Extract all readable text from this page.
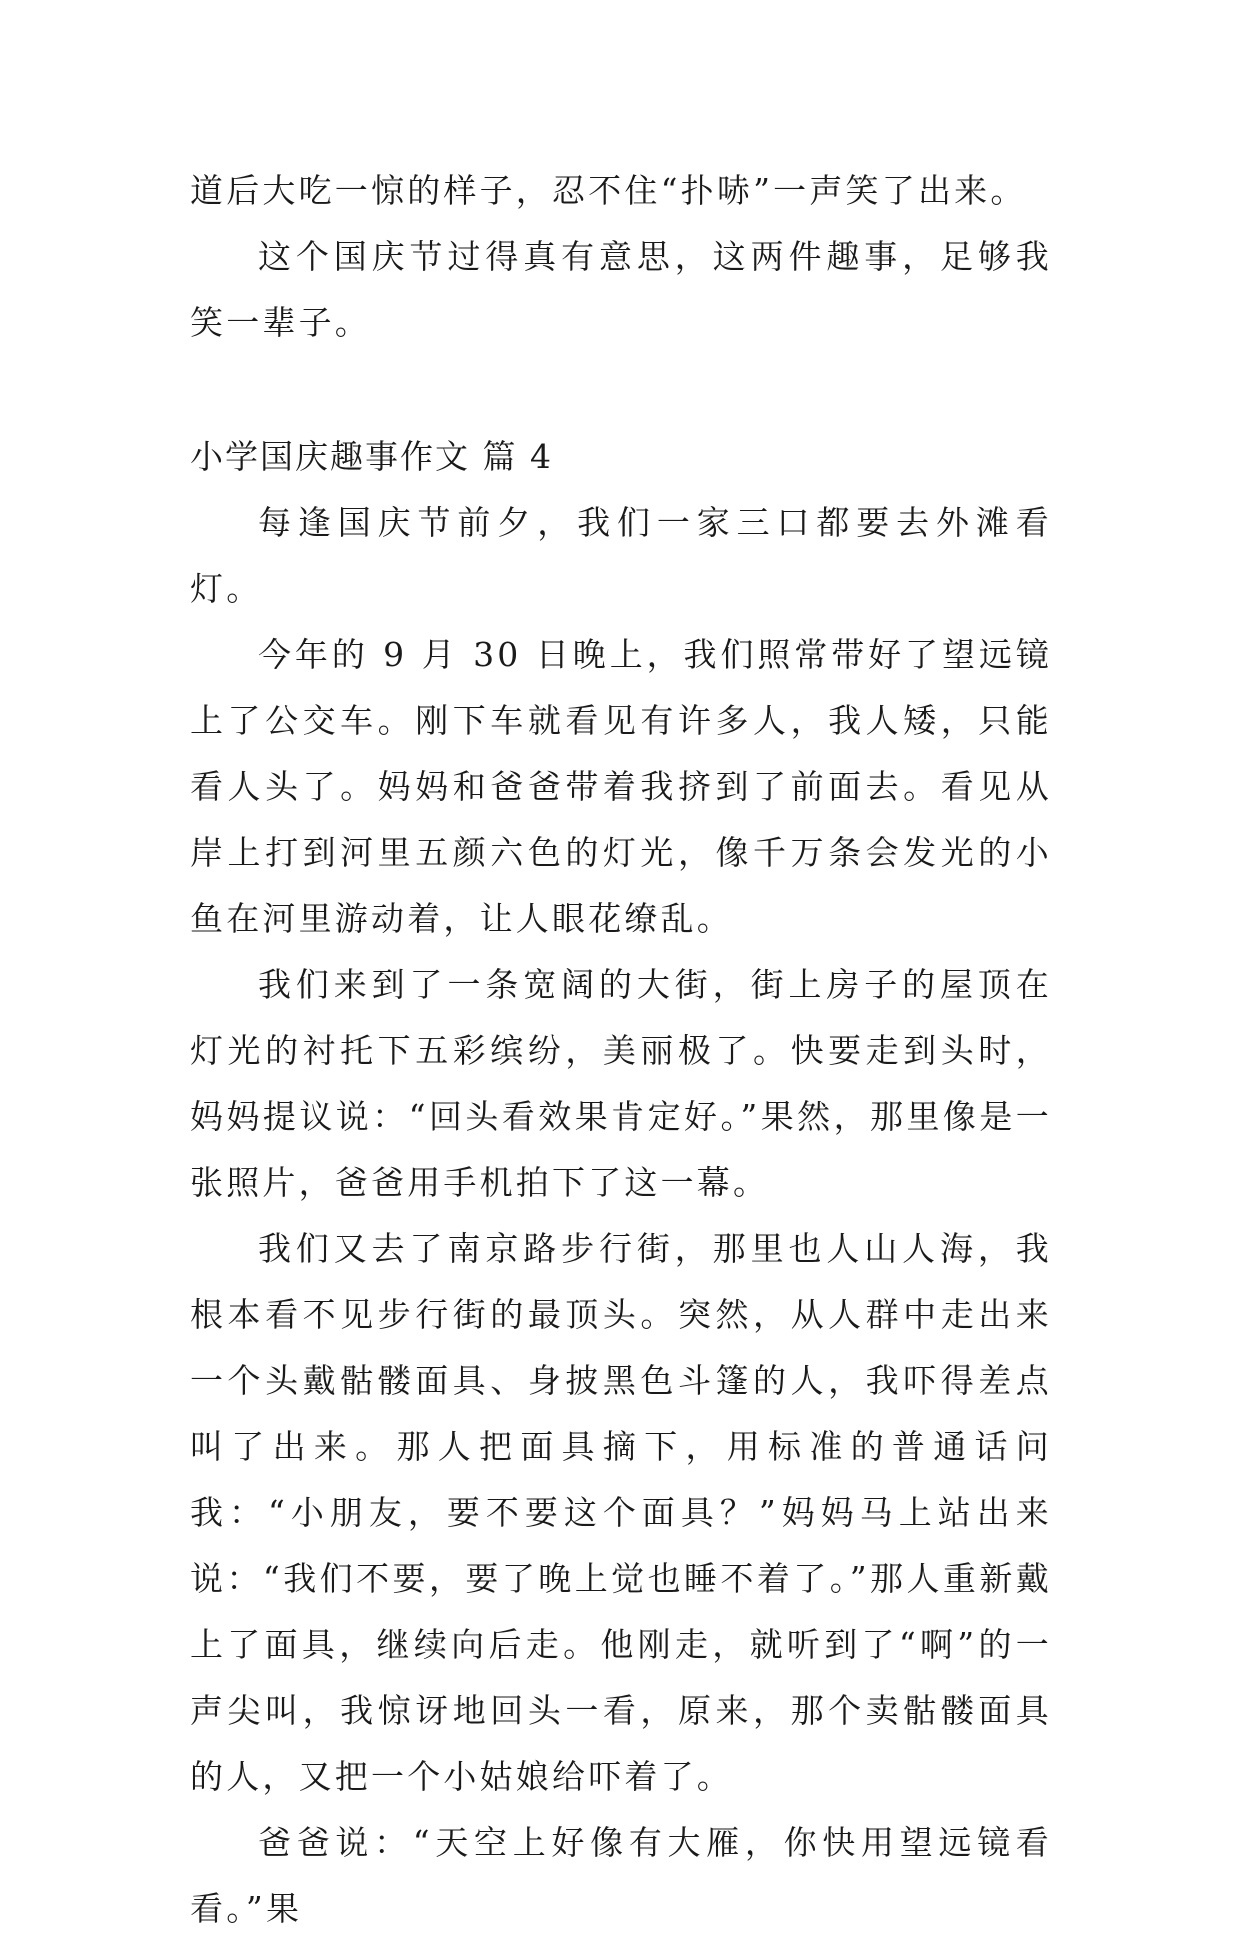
道后大吃一惊的样子，忍不住“扑哧”一声笑了出来。

这个国庆节过得真有意思，这两件趣事，足够我笑一辈子。

小学国庆趣事作文 篇 4

每逢国庆节前夕，我们一家三口都要去外滩看灯。

今年的 9 月 30 日晚上，我们照常带好了望远镜上了公交车。刚下车就看见有许多人，我人矮，只能看人头了。妈妈和爸爸带着我挤到了前面去。看见从岸上打到河里五颜六色的灯光，像千万条会发光的小鱼在河里游动着，让人眼花缭乱。

我们来到了一条宽阔的大街，街上房子的屋顶在灯光的衬托下五彩缤纷，美丽极了。快要走到头时，妈妈提议说：“回头看效果肯定好。”果然，那里像是一张照片，爸爸用手机拍下了这一幕。

我们又去了南京路步行街，那里也人山人海，我根本看不见步行街的最顶头。突然，从人群中走出来一个头戴骷髅面具、身披黑色斗篷的人，我吓得差点叫了出来。那人把面具摘下，用标准的普通话问我：“小朋友，要不要这个面具？”妈妈马上站出来说：“我们不要，要了晚上觉也睡不着了。”那人重新戴上了面具，继续向后走。他刚走，就听到了“啊”的一声尖叫，我惊讶地回头一看，原来，那个卖骷髅面具的人，又把一个小姑娘给吓着了。

爸爸说：“天空上好像有大雁，你快用望远镜看看。”果
